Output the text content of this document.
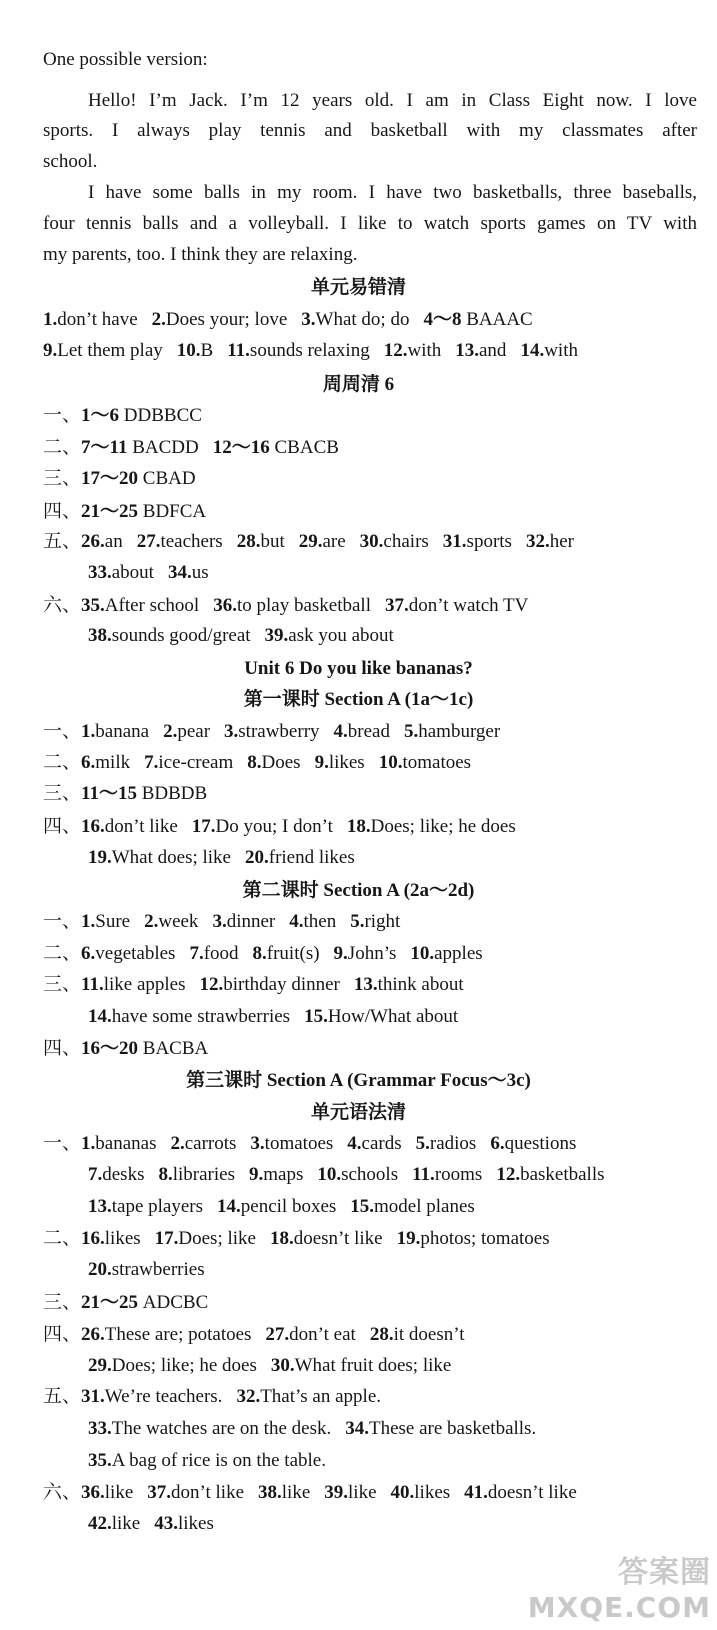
One possible version:
Hello! I’m Jack. I’m 12 years old. I am in Class Eight now. I love
sports. I always play tennis and basketball with my classmates after
school.
I have some balls in my room. I have two basketballs, three baseballs,
four tennis balls and a volleyball. I like to watch sports games on TV with
my parents, too. I think they are relaxing.
单元易错清
1.don’t have 2.Does your; love 3.What do; do 4～8 BAAAC
9.Let them play 10.B 11.sounds relaxing 12.with 13.and 14.with
周周清 6
一、1～6 DDBBCC
二、7～11 BACDD 12～16 CBACB
三、17～20 CBAD
四、21～25 BDFCA
五、26.an 27.teachers 28.but 29.are 30.chairs 31.sports 32.her
33.about 34.us
六、35.After school 36.to play basketball 37.don’t watch TV
38.sounds good/great 39.ask you about
Unit 6 Do you like bananas?
第一课时 Section A (1a～1c)
一、1.banana 2.pear 3.strawberry 4.bread 5.hamburger
二、6.milk 7.ice-cream 8.Does 9.likes 10.tomatoes
三、11～15 BDBDB
四、16.don’t like 17.Do you; I don’t 18.Does; like; he does
19.What does; like 20.friend likes
第二课时 Section A (2a～2d)
一、1.Sure 2.week 3.dinner 4.then 5.right
二、6.vegetables 7.food 8.fruit(s) 9.John’s 10.apples
三、11.like apples 12.birthday dinner 13.think about
14.have some strawberries 15.How/What about
四、16～20 BACBA
第三课时 Section A (Grammar Focus～3c)
单元语法清
一、1.bananas 2.carrots 3.tomatoes 4.cards 5.radios 6.questions
7.desks 8.libraries 9.maps 10.schools 11.rooms 12.basketballs
13.tape players 14.pencil boxes 15.model planes
二、16.likes 17.Does; like 18.doesn’t like 19.photos; tomatoes
20.strawberries
三、21～25 ADCBC
四、26.These are; potatoes 27.don’t eat 28.it doesn’t
29.Does; like; he does 30.What fruit does; like
五、31.We’re teachers. 32.That’s an apple.
33.The watches are on the desk. 34.These are basketballs.
35.A bag of rice is on the table.
六、36.like 37.don’t like 38.like 39.like 40.likes 41.doesn’t like
42.like 43.likes
答案圈
MXQE.COM
